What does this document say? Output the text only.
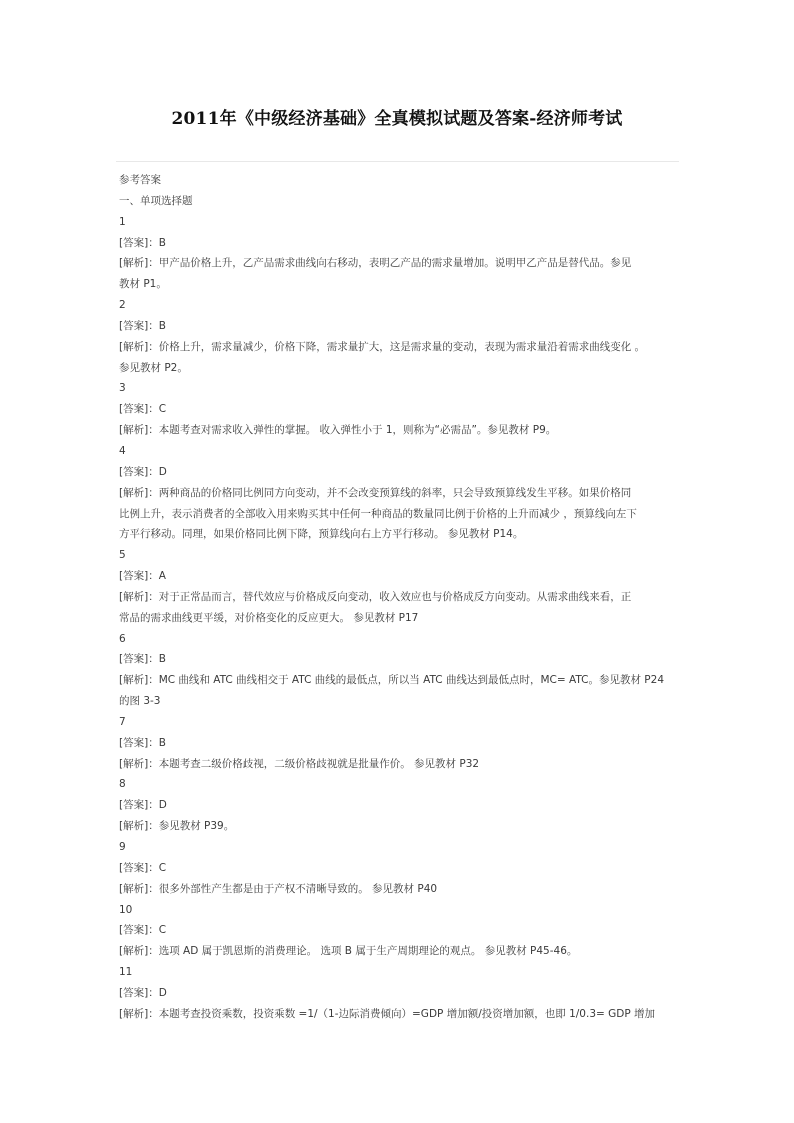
2011年《中级经济基础》全真模拟试题及答案-经济师考试
参考答案
一、单项选择题
1
[答案]：B
[解析]：甲产品价格上升，乙产品需求曲线向右移动，表明乙产品的需求量增加。说明甲乙产品是替代品。参见
教材 P1。
2
[答案]：B
[解析]：价格上升，需求量减少，价格下降，需求量扩大，这是需求量的变动，表现为需求量沿着需求曲线变化 。
参见教材 P2。
3
[答案]：C
[解析]：本题考查对需求收入弹性的掌握。 收入弹性小于 1，则称为“必需品”。参见教材 P9。
4
[答案]：D
[解析]：两种商品的价格同比例同方向变动，并不会改变预算线的斜率，只会导致预算线发生平移。如果价格同
比例上升，表示消费者的全部收入用来购买其中任何一种商品的数量同比例于价格的上升而减少 ，预算线向左下
方平行移动。同理，如果价格同比例下降，预算线向右上方平行移动。 参见教材 P14。
5
[答案]：A
[解析]：对于正常品而言，替代效应与价格成反向变动，收入效应也与价格成反方向变动。从需求曲线来看，正
常品的需求曲线更平缓，对价格变化的反应更大。 参见教材 P17
6
[答案]：B
[解析]：MC 曲线和 ATC 曲线相交于 ATC 曲线的最低点，所以当 ATC 曲线达到最低点时，MC= ATC。参见教材 P24
的图 3-3
7
[答案]：B
[解析]：本题考查二级价格歧视，二级价格歧视就是批量作价。 参见教材 P32
8
[答案]：D
[解析]：参见教材 P39。
9
[答案]：C
[解析]：很多外部性产生都是由于产权不清晰导致的。 参见教材 P40
10
[答案]：C
[解析]：选项 AD 属于凯恩斯的消费理论。 选项 B 属于生产周期理论的观点。 参见教材 P45-46。
11
[答案]：D
[解析]：本题考查投资乘数，投资乘数 =1/（1-边际消费倾向）=GDP 增加额/投资增加额，也即 1/0.3= GDP 增加
